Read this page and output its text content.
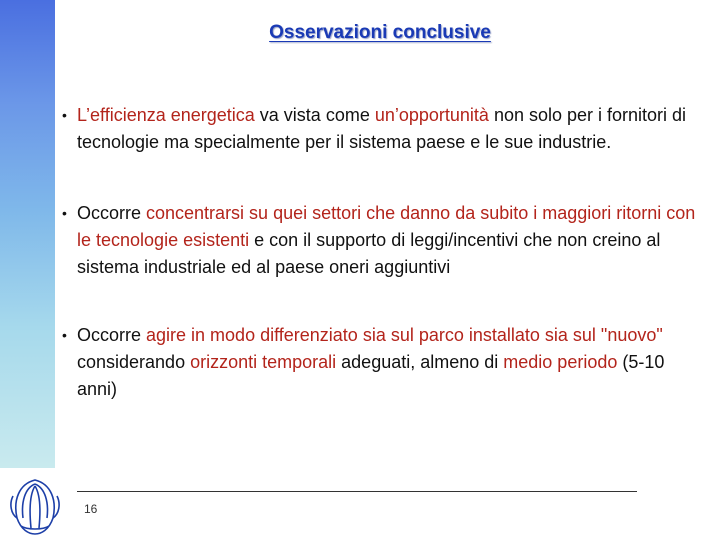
Osservazioni conclusive
• L’efficienza energetica va vista come un’opportunità non solo per i fornitori di tecnologie ma specialmente per il sistema paese e le sue industrie.
• Occorre concentrarsi su quei settori che danno da subito i maggiori ritorni con le tecnologie esistenti e con il supporto di leggi/incentivi che non creino al sistema industriale ed al paese oneri aggiuntivi
• Occorre agire in modo differenziato sia sul parco installato sia sul "nuovo" considerando orizzonti temporali adeguati, almeno di medio periodo (5-10 anni)
16
